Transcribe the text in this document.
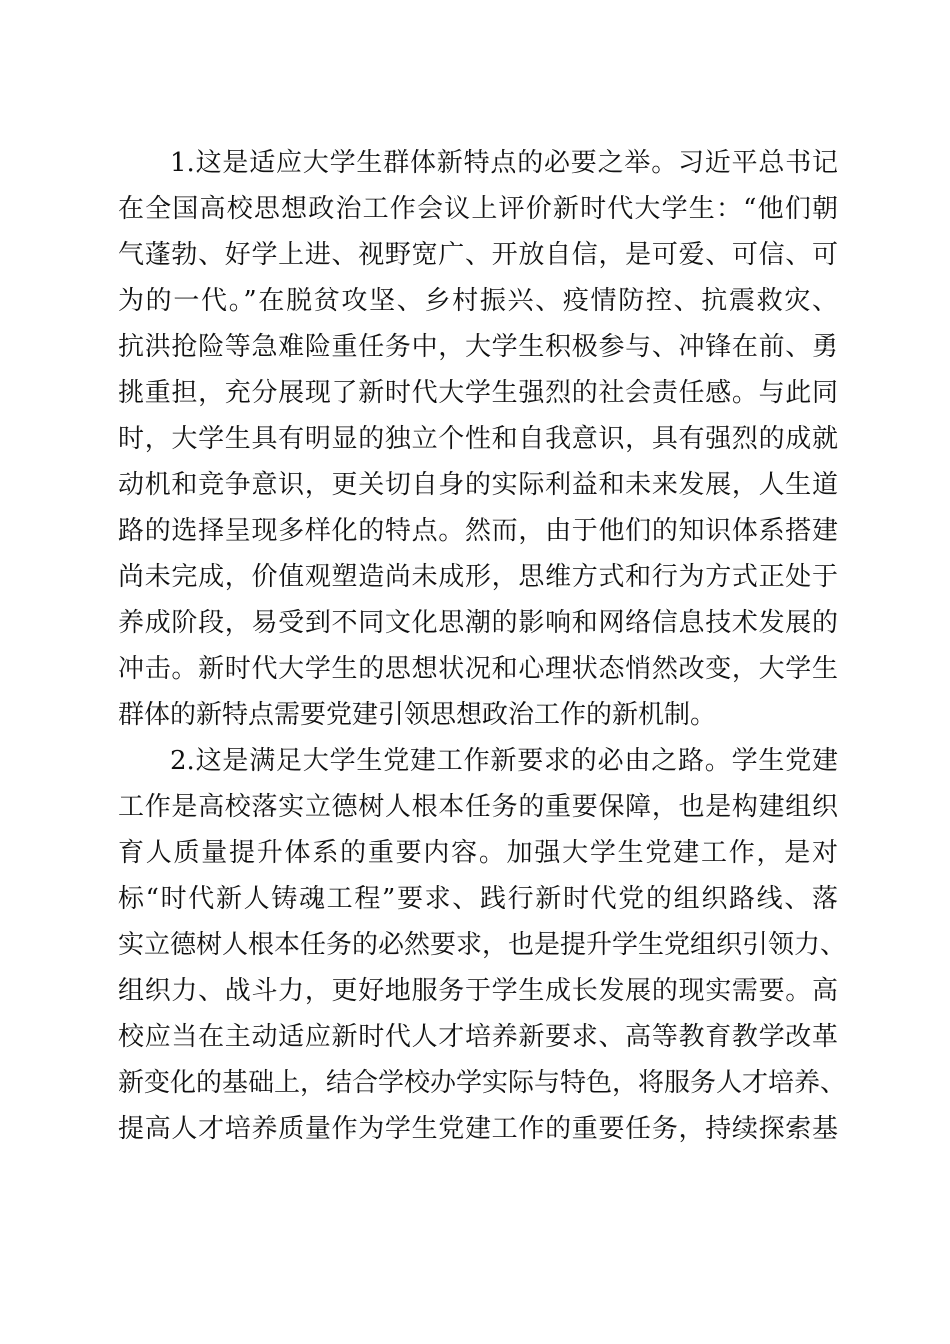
1.这是适应大学生群体新特点的必要之举。习近平总书记
在全国高校思想政治工作会议上评价新时代大学生：“他们朝
气蓬勃、好学上进、视野宽广、开放自信，是可爱、可信、可
为的一代。”在脱贫攻坚、乡村振兴、疫情防控、抗震救灾、
抗洪抢险等急难险重任务中，大学生积极参与、冲锋在前、勇
挑重担，充分展现了新时代大学生强烈的社会责任感。与此同
时，大学生具有明显的独立个性和自我意识，具有强烈的成就
动机和竞争意识，更关切自身的实际利益和未来发展，人生道
路的选择呈现多样化的特点。然而，由于他们的知识体系搭建
尚未完成，价值观塑造尚未成形，思维方式和行为方式正处于
养成阶段，易受到不同文化思潮的影响和网络信息技术发展的
冲击。新时代大学生的思想状况和心理状态悄然改变，大学生
群体的新特点需要党建引领思想政治工作的新机制。
2.这是满足大学生党建工作新要求的必由之路。学生党建
工作是高校落实立德树人根本任务的重要保障，也是构建组织
育人质量提升体系的重要内容。加强大学生党建工作，是对
标“时代新人铸魂工程”要求、践行新时代党的组织路线、落
实立德树人根本任务的必然要求，也是提升学生党组织引领力、
组织力、战斗力，更好地服务于学生成长发展的现实需要。高
校应当在主动适应新时代人才培养新要求、高等教育教学改革
新变化的基础上，结合学校办学实际与特色，将服务人才培养、
提高人才培养质量作为学生党建工作的重要任务，持续探索基
